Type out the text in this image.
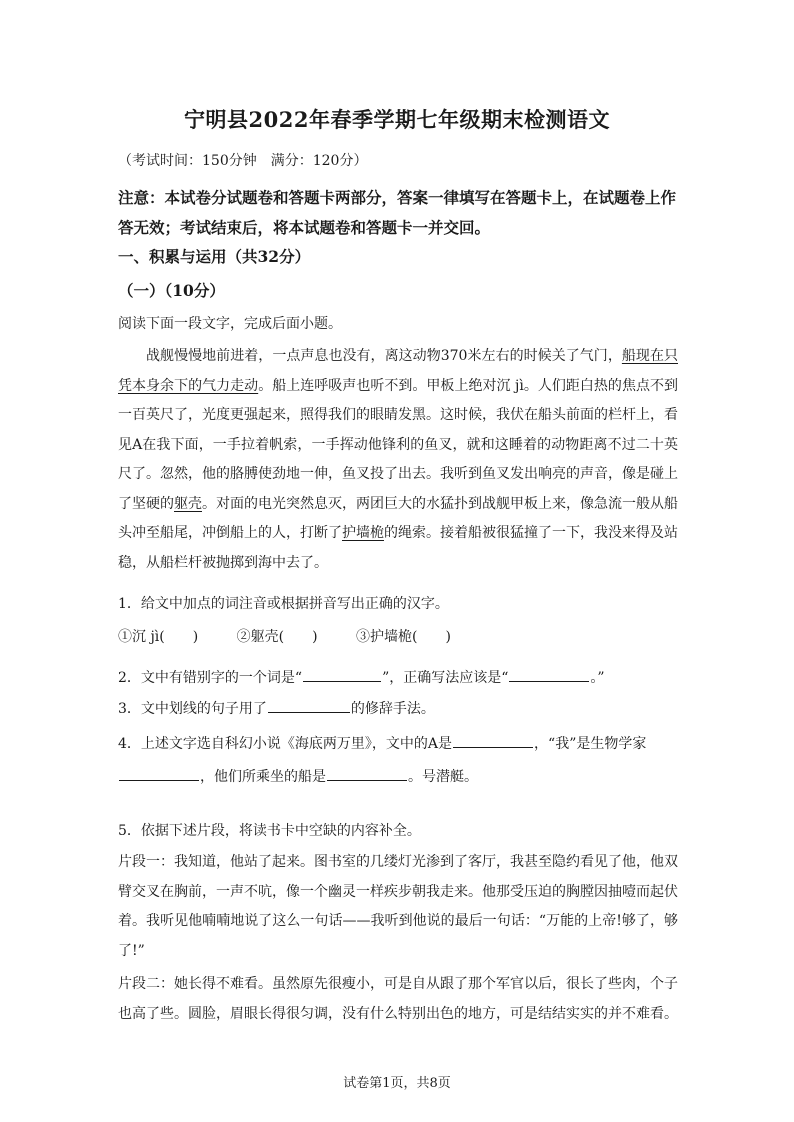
宁明县2022年春季学期七年级期末检测语文
（考试时间：150分钟　满分：120分）
注意：本试卷分试题卷和答题卡两部分，答案一律填写在答题卡上，在试题卷上作答无效；考试结束后，将本试题卷和答题卡一并交回。
一、积累与运用（共32分）
（一）（10分）
阅读下面一段文字，完成后面小题。
战舰慢慢地前进着，一点声息也没有，离这动物370米左右的时候关了气门，船现在只凭本身余下的气力走动。船上连呼吸声也听不到。甲板上绝对沉 jì。人们距白热的焦点不到一百英尺了，光度更强起来，照得我们的眼睛发黑。这时候，我伏在船头前面的栏杆上，看见A在我下面，一手拉着帆索，一手挥动他锋利的鱼叉，就和这睡着的动物距离不过二十英尺了。忽然，他的胳膊使劲地一伸，鱼叉投了出去。我听到鱼叉发出响亮的声音，像是碰上了坚硬的躯壳。对面的电光突然息灭，两团巨大的水猛扑到战舰甲板上来，像急流一般从船头冲至船尾，冲倒船上的人，打断了护墙桅的绳索。接着船被很猛撞了一下，我没来得及站稳，从船栏杆被抛掷到海中去了。
1．给文中加点的词注音或根据拼音写出正确的汉字。
①沉 jì(　　)	②躯壳(　　)	③护墙桅(　　)
2．文中有错别字的一个词是“	”，正确写法应该是“	。”
3．文中划线的句子用了	的修辞手法。
4．上述文字选自科幻小说《海底两万里》，文中的A是	，“我”是生物学家
，他们所乘坐的船是	。号潜艇。
5．依据下述片段，将读书卡中空缺的内容补全。
片段一：我知道，他站了起来。图书室的几缕灯光渗到了客厅，我甚至隐约看见了他，他双臂交叉在胸前，一声不吭，像一个幽灵一样疾步朝我走来。他那受压迫的胸膛因抽噎而起伏着。我听见他喃喃地说了这么一句话——我听到他说的最后一句话：“万能的上帝!够了，够了!”
片段二：她长得不难看。虽然原先很瘦小，可是自从跟了那个军官以后，很长了些肉，个子也高了些。圆脸，眉眼长得很匀调，没有什么特别出色的地方，可是结结实实的并不难看。
试卷第1页，共8页
